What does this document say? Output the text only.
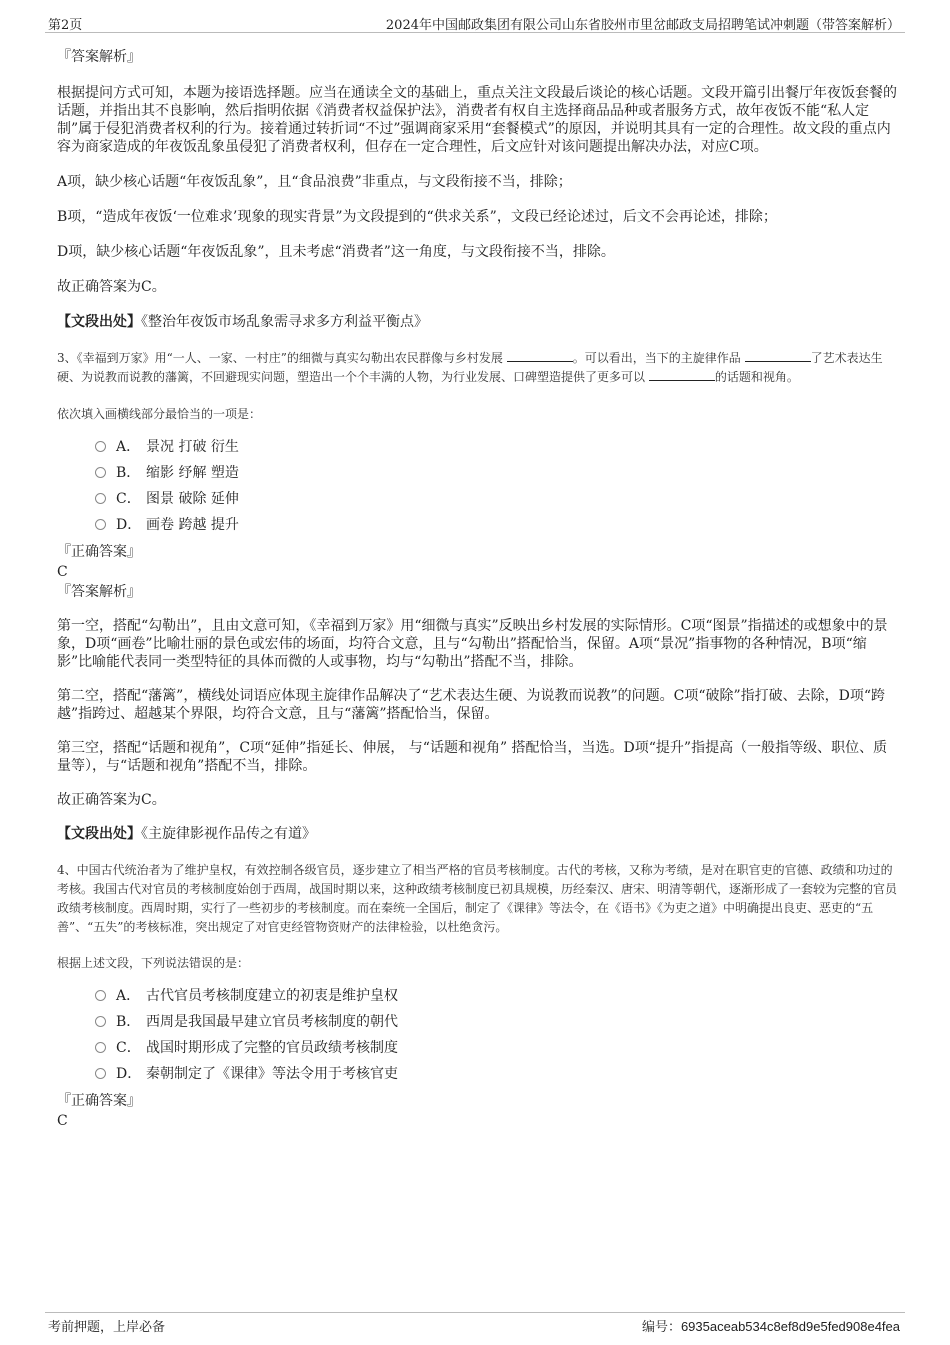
第2页	2024年中国邮政集团有限公司山东省胶州市里岔邮政支局招聘笔试冲刺题（带答案解析）

『答案解析』

根据提问方式可知，本题为接语选择题。应当在通读全文的基础上，重点关注文段最后谈论的核心话题。文段开篇引出餐厅年夜饭套餐的话题，并指出其不良影响，然后指明依据《消费者权益保护法》，消费者有权自主选择商品品种或者服务方式，故年夜饭不能“私人定制”属于侵犯消费者权利的行为。接着通过转折词“不过”强调商家采用“套餐模式”的原因，并说明其具有一定的合理性。故文段的重点内容为商家造成的年夜饭乱象虽侵犯了消费者权利，但存在一定合理性，后文应针对该问题提出解决办法，对应C项。

A项，缺少核心话题“年夜饭乱象”，且“食品浪费”非重点，与文段衔接不当，排除；

B项，“造成年夜饭‘一位难求’现象的现实背景”为文段提到的“供求关系”，文段已经论述过，后文不会再论述，排除；

D项，缺少核心话题“年夜饭乱象”，且未考虑“消费者”这一角度，与文段衔接不当，排除。

故正确答案为C。

【文段出处】《整治年夜饭市场乱象需寻求多方利益平衡点》

3、《幸福到万家》用“一人、一家、一村庄”的细微与真实勾勒出农民群像与乡村发展	。可以看出，当下的主旋律作品	了艺术表达生硬、为说教而说教的藩篱，不回避现实问题，塑造出一个个丰满的人物，为行业发展、口碑塑造提供了更多可以	的话题和视角。

依次填入画横线部分最恰当的一项是：

A． 景况 打破 衍生
B． 缩影 纾解 塑造
C． 图景 破除 延伸
D． 画卷 跨越 提升

『正确答案』

C

『答案解析』

第一空，搭配“勾勒出”，且由文意可知，《幸福到万家》用“细微与真实”反映出乡村发展的实际情形。C项“图景”指描述的或想象中的景象，D项“画卷”比喻壮丽的景色或宏伟的场面，均符合文意，且与“勾勒出”搭配恰当，保留。A项“景况”指事物的各种情况，B项“缩影”比喻能代表同一类型特征的具体而微的人或事物，均与“勾勒出”搭配不当，排除。

第二空，搭配“藩篱”，横线处词语应体现主旋律作品解决了“艺术表达生硬、为说教而说教”的问题。C项“破除”指打破、去除，D项“跨越”指跨过、超越某个界限，均符合文意，且与“藩篱”搭配恰当，保留。

第三空，搭配“话题和视角”，C项“延伸”指延长、伸展， 与“话题和视角” 搭配恰当，当选。D项“提升”指提高（一般指等级、职位、质量等），与“话题和视角”搭配不当，排除。

故正确答案为C。

【文段出处】《主旋律影视作品传之有道》

4、中国古代统治者为了维护皇权，有效控制各级官员，逐步建立了相当严格的官员考核制度。古代的考核，又称为考绩，是对在职官吏的官德、政绩和功过的考核。我国古代对官员的考核制度始创于西周，战国时期以来，这种政绩考核制度已初具规模，历经秦汉、唐宋、明清等朝代，逐渐形成了一套较为完整的官员政绩考核制度。西周时期，实行了一些初步的考核制度。而在秦统一全国后，制定了《课律》等法令，在《语书》《为吏之道》中明确提出良吏、恶吏的“五善”、“五失”的考核标准，突出规定了对官吏经管物资财产的法律检验，以杜绝贪污。

根据上述文段，下列说法错误的是：

A． 古代官员考核制度建立的初衷是维护皇权
B． 西周是我国最早建立官员考核制度的朝代
C． 战国时期形成了完整的官员政绩考核制度
D． 秦朝制定了《课律》等法令用于考核官吏

『正确答案』

C

考前押题，上岸必备	编号：6935aceab534c8ef8d9e5fed908e4fea
